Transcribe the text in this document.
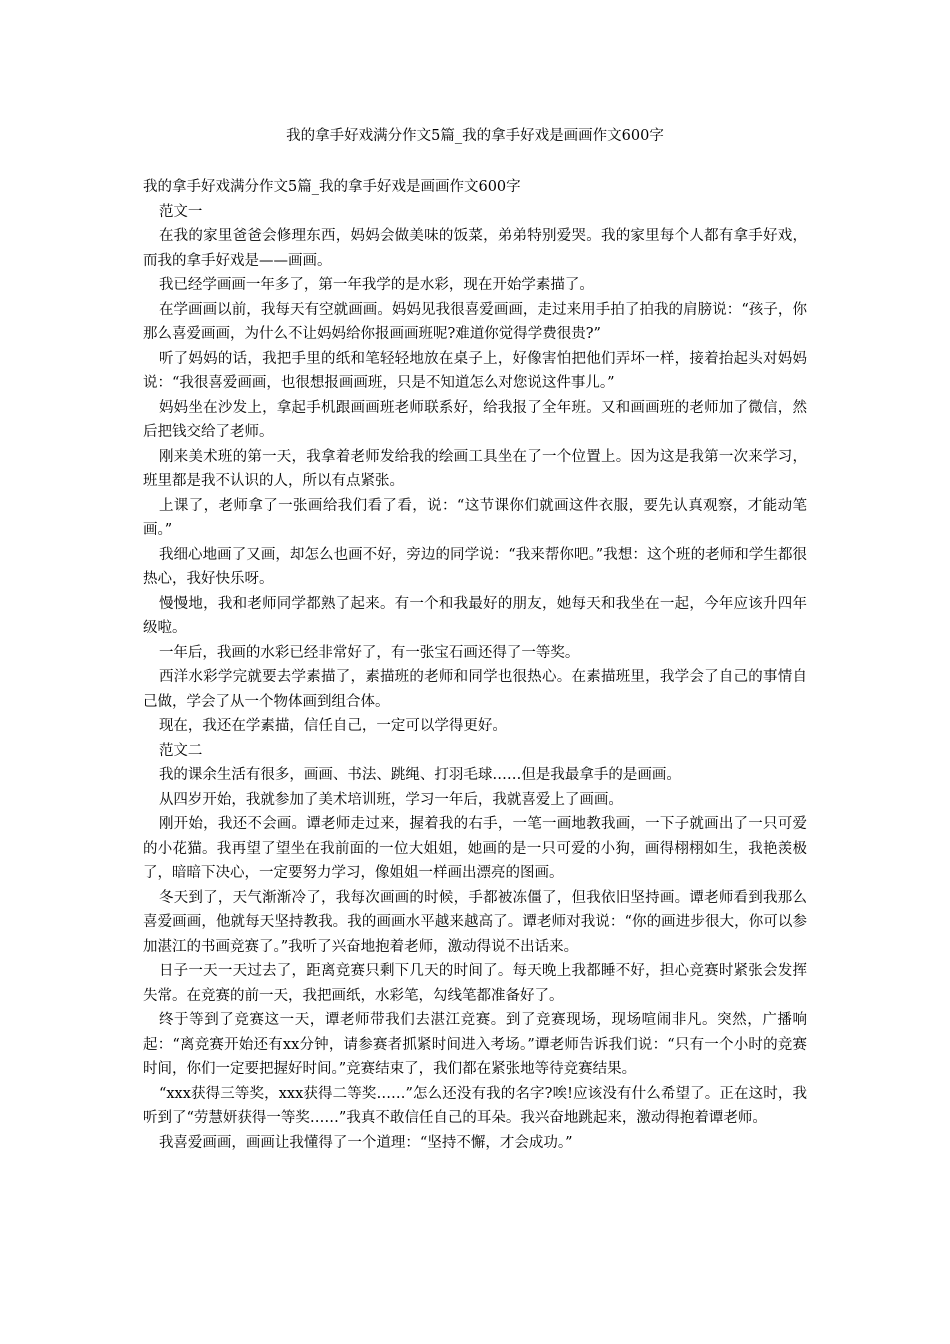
我的拿手好戏满分作文5篇_我的拿手好戏是画画作文600字

我的拿手好戏满分作文5篇_我的拿手好戏是画画作文600字

范文一

在我的家里爸爸会修理东西，妈妈会做美味的饭菜，弟弟特别爱哭。我的家里每个人都有拿手好戏，而我的拿手好戏是——画画。

我已经学画画一年多了，第一年我学的是水彩，现在开始学素描了。

在学画画以前，我每天有空就画画。妈妈见我很喜爱画画，走过来用手拍了拍我的肩膀说：“孩子，你那么喜爱画画，为什么不让妈妈给你报画画班呢?难道你觉得学费很贵?”

听了妈妈的话，我把手里的纸和笔轻轻地放在桌子上，好像害怕把他们弄坏一样，接着抬起头对妈妈说：“我很喜爱画画，也很想报画画班，只是不知道怎么对您说这件事儿。”

妈妈坐在沙发上，拿起手机跟画画班老师联系好，给我报了全年班。又和画画班的老师加了微信，然后把钱交给了老师。

刚来美术班的第一天，我拿着老师发给我的绘画工具坐在了一个位置上。因为这是我第一次来学习，班里都是我不认识的人，所以有点紧张。

上课了，老师拿了一张画给我们看了看，说：“这节课你们就画这件衣服，要先认真观察，才能动笔画。”

我细心地画了又画，却怎么也画不好，旁边的同学说：“我来帮你吧。”我想：这个班的老师和学生都很热心，我好快乐呀。

慢慢地，我和老师同学都熟了起来。有一个和我最好的朋友，她每天和我坐在一起，今年应该升四年级啦。

一年后，我画的水彩已经非常好了，有一张宝石画还得了一等奖。

西洋水彩学完就要去学素描了，素描班的老师和同学也很热心。在素描班里，我学会了自己的事情自己做，学会了从一个物体画到组合体。

现在，我还在学素描，信任自己，一定可以学得更好。

范文二

我的课余生活有很多，画画、书法、跳绳、打羽毛球……但是我最拿手的是画画。

从四岁开始，我就参加了美术培训班，学习一年后，我就喜爱上了画画。

刚开始，我还不会画。谭老师走过来，握着我的右手，一笔一画地教我画，一下子就画出了一只可爱的小花猫。我再望了望坐在我前面的一位大姐姐，她画的是一只可爱的小狗，画得栩栩如生，我艳羡极了，暗暗下决心，一定要努力学习，像姐姐一样画出漂亮的图画。

冬天到了，天气渐渐冷了，我每次画画的时候，手都被冻僵了，但我依旧坚持画。谭老师看到我那么喜爱画画，他就每天坚持教我。我的画画水平越来越高了。谭老师对我说：“你的画进步很大，你可以参加湛江的书画竞赛了。”我听了兴奋地抱着老师，激动得说不出话来。

日子一天一天过去了，距离竞赛只剩下几天的时间了。每天晚上我都睡不好，担心竞赛时紧张会发挥失常。在竞赛的前一天，我把画纸，水彩笔，勾线笔都准备好了。

终于等到了竞赛这一天，谭老师带我们去湛江竞赛。到了竞赛现场，现场喧闹非凡。突然，广播响起：“离竞赛开始还有xx分钟，请参赛者抓紧时间进入考场。”谭老师告诉我们说：“只有一个小时的竞赛时间，你们一定要把握好时间。”竞赛结束了，我们都在紧张地等待竞赛结果。

“xxx获得三等奖，xxx获得二等奖……”怎么还没有我的名字?唉!应该没有什么希望了。正在这时，我听到了“劳慧妍获得一等奖……”我真不敢信任自己的耳朵。我兴奋地跳起来，激动得抱着谭老师。

我喜爱画画，画画让我懂得了一个道理：“坚持不懈，才会成功。”
